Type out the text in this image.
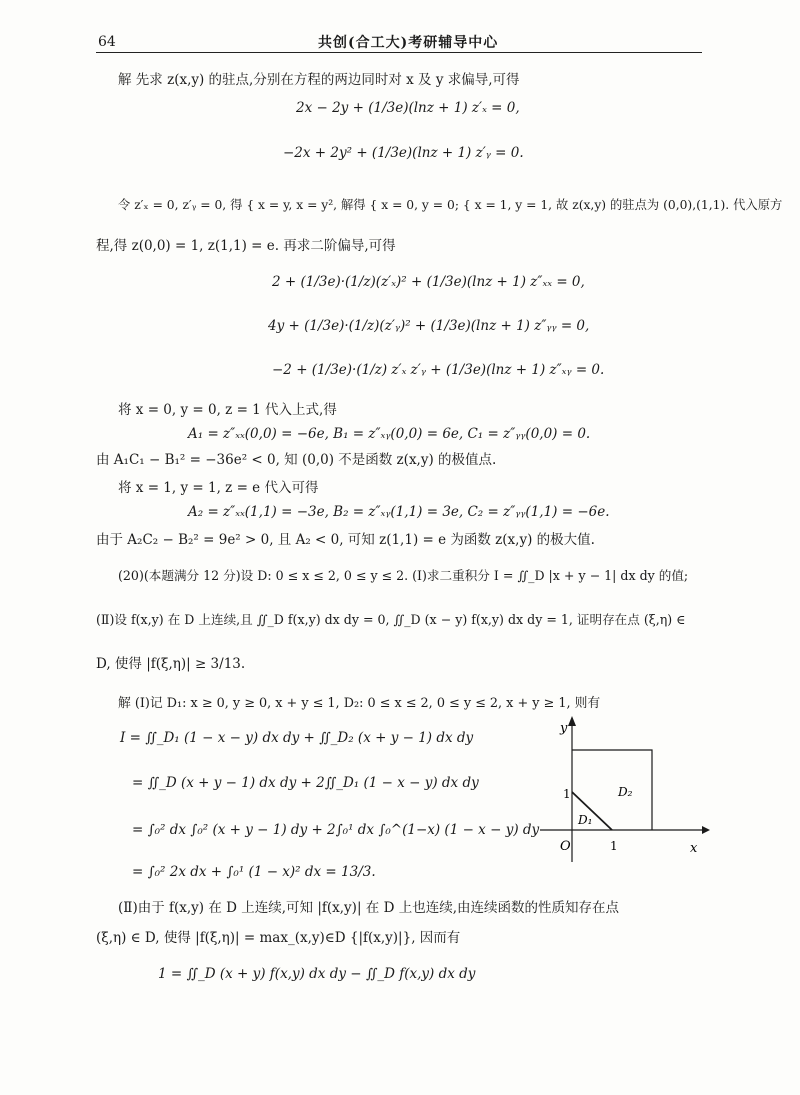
64	共创(合工大)考研辅导中心
解 先求 z(x,y) 的驻点,分别在方程的两边同时对 x 及 y 求偏导,可得
2x − 2y + (1/3e)(lnz + 1) z′ₓ = 0,
−2x + 2y² + (1/3e)(lnz + 1) z′ᵧ = 0.
令 z′ₓ = 0, z′ᵧ = 0, 得 { x = y, x = y², 解得 { x = 0, y = 0; { x = 1, y = 1, 故 z(x,y) 的驻点为 (0,0),(1,1). 代入原方
程,得 z(0,0) = 1, z(1,1) = e. 再求二阶偏导,可得
2 + (1/3e)·(1/z)(z′ₓ)² + (1/3e)(lnz + 1) z″ₓₓ = 0,
4y + (1/3e)·(1/z)(z′ᵧ)² + (1/3e)(lnz + 1) z″ᵧᵧ = 0,
−2 + (1/3e)·(1/z) z′ₓ z′ᵧ + (1/3e)(lnz + 1) z″ₓᵧ = 0.
将 x = 0, y = 0, z = 1 代入上式,得
A₁ = z″ₓₓ(0,0) = −6e, B₁ = z″ₓᵧ(0,0) = 6e, C₁ = z″ᵧᵧ(0,0) = 0.
由 A₁C₁ − B₁² = −36e² < 0, 知 (0,0) 不是函数 z(x,y) 的极值点.
将 x = 1, y = 1, z = e 代入可得
A₂ = z″ₓₓ(1,1) = −3e, B₂ = z″ₓᵧ(1,1) = 3e, C₂ = z″ᵧᵧ(1,1) = −6e.
由于 A₂C₂ − B₂² = 9e² > 0, 且 A₂ < 0, 可知 z(1,1) = e 为函数 z(x,y) 的极大值.
(20)(本题满分 12 分)设 D: 0 ≤ x ≤ 2, 0 ≤ y ≤ 2. (Ⅰ)求二重积分 I = ∬_D |x + y − 1| dx dy 的值;
(Ⅱ)设 f(x,y) 在 D 上连续,且 ∬_D f(x,y) dx dy = 0, ∬_D (x − y) f(x,y) dx dy = 1, 证明存在点 (ξ,η) ∈
D, 使得 |f(ξ,η)| ≥ 3/13.
解 (Ⅰ)记 D₁: x ≥ 0, y ≥ 0, x + y ≤ 1, D₂: 0 ≤ x ≤ 2, 0 ≤ y ≤ 2, x + y ≥ 1, 则有
I = ∬_D₁ (1 − x − y) dx dy + ∬_D₂ (x + y − 1) dx dy
= ∬_D (x + y − 1) dx dy + 2∬_D₁ (1 − x − y) dx dy
= ∫₀² dx ∫₀² (x + y − 1) dy + 2∫₀¹ dx ∫₀^(1−x) (1 − x − y) dy
= ∫₀² 2x dx + ∫₀¹ (1 − x)² dx = 13/3.
(Ⅱ)由于 f(x,y) 在 D 上连续,可知 |f(x,y)| 在 D 上也连续,由连续函数的性质知存在点
(ξ,η) ∈ D, 使得 |f(ξ,η)| = max_(x,y)∈D {|f(x,y)|}, 因而有
1 = ∬_D (x + y) f(x,y) dx dy − ∬_D f(x,y) dx dy
y
x
O	1
1
D₁
D₂
